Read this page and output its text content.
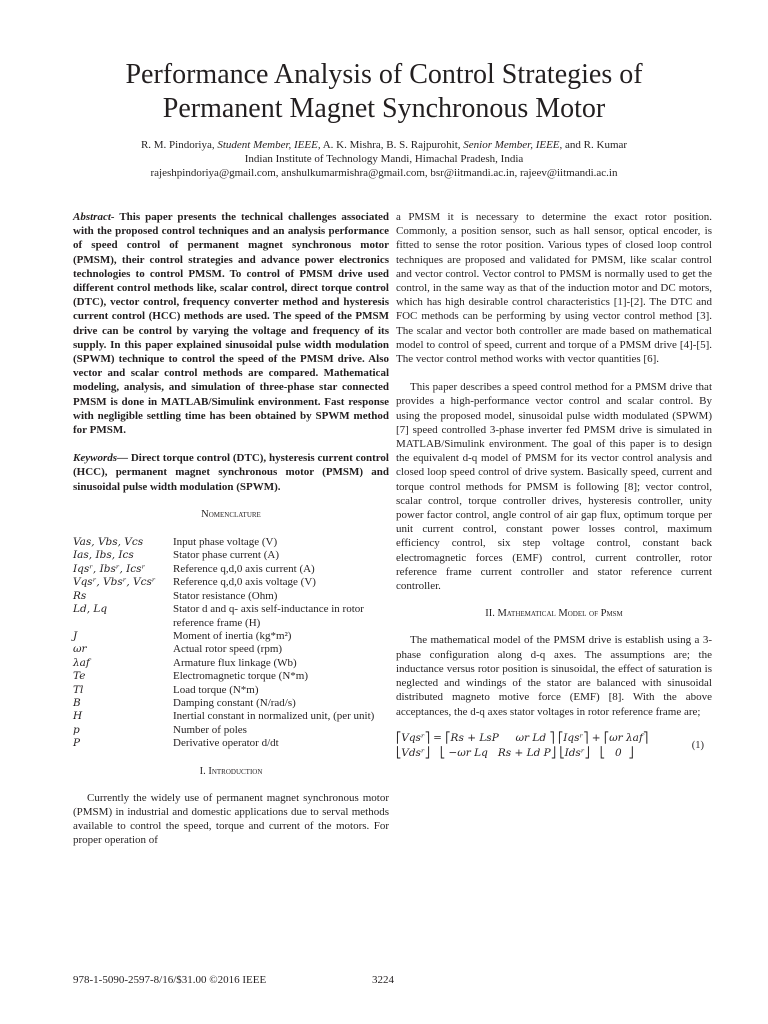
Performance Analysis of Control Strategies of
Permanent Magnet Synchronous Motor
R. M. Pindoriya, Student Member, IEEE, A. K. Mishra, B. S. Rajpurohit, Senior Member, IEEE, and R. Kumar
Indian Institute of Technology Mandi, Himachal Pradesh, India
rajeshpindoriya@gmail.com, anshulkumarmishra@gmail.com, bsr@iitmandi.ac.in, rajeev@iitmandi.ac.in

Abstract- This paper presents the technical challenges associated with the proposed control techniques and an analysis performance of speed control of permanent magnet synchronous motor (PMSM), their control strategies and advance power electronics technologies to control PMSM. To control of PMSM drive used different control methods like, scalar control, direct torque control (DTC), vector control, frequency converter method and hysteresis current control (HCC) methods are used. The speed of the PMSM drive can be control by varying the voltage and frequency of its supply. In this paper explained sinusoidal pulse width modulation (SPWM) technique to control the speed of the PMSM drive. Also vector and scalar control methods are compared. Mathematical modeling, analysis, and simulation of three-phase star connected PMSM is done in MATLAB/Simulink environment. Fast response with negligible settling time has been obtained by SPWM method for PMSM.

Keywords— Direct torque control (DTC), hysteresis current control (HCC), permanent magnet synchronous motor (PMSM) and sinusoidal pulse width modulation (SPWM).

Nomenclature

Vas, Vbs, Vcs	Input phase voltage (V)
Ias, Ibs, Ics	Stator phase current (A)
Iqsʳ, Ibsʳ, Icsʳ	Reference q,d,0 axis current (A)
Vqsʳ, Vbsʳ, Vcsʳ	Reference q,d,0 axis voltage (V)
Rs	Stator resistance (Ohm)
Ld, Lq	Stator d and q- axis self-inductance in rotor reference frame (H)
J	Moment of inertia (kg*m²)
ωr	Actual rotor speed (rpm)
λaf	Armature flux linkage (Wb)
Te	Electromagnetic torque (N*m)
Tl	Load torque (N*m)
B	Damping constant (N/rad/s)
H	Inertial constant in normalized unit, (per unit)
p	Number of poles
P	Derivative operator d/dt

I. Introduction

Currently the widely use of permanent magnet synchronous motor (PMSM) in industrial and domestic applications due to serval methods available to control the speed, torque and current of the motors. For proper operation of

a PMSM it is necessary to determine the exact rotor position. Commonly, a position sensor, such as hall sensor, optical encoder, is fitted to sense the rotor position. Various types of closed loop control techniques are proposed and validated for PMSM, like scalar control and vector control. Vector control to PMSM is normally used to get the control, in the same way as that of the induction motor and DC motors, which has high desirable control characteristics [1]-[2]. The DTC and FOC methods can be performing by using vector control method [3]. The scalar and vector both controller are made based on mathematical model to control of speed, current and torque of a PMSM drive [4]-[5]. The vector control method works with vector quantities [6].

This paper describes a speed control method for a PMSM drive that provides a high-performance vector control and scalar control. By using the proposed model, sinusoidal pulse width modulated (SPWM) [7] speed controlled 3-phase inverter fed PMSM drive is simulated in MATLAB/Simulink environment. The goal of this paper is to design the equivalent d-q model of PMSM for its vector control analysis and closed loop speed control of drive system. Basically speed, current and torque control methods for PMSM is following [8]; vector control, scalar control, torque controller drives, hysteresis controller, unity power factor control, angle control of air gap flux, optimum torque per unit current control, constant power losses control, maximum efficiency control, six step voltage control, constant back electromagnetic forces (EMF) control, current controller, rotor reference frame current controller and stator reference current controller.

II. Mathematical Model of Pmsm

The mathematical model of the PMSM drive is establish using a 3-phase configuration along d-q axes. The assumptions are; the inductance versus rotor position is sinusoidal, the effect of saturation is neglected and windings of the stator are balanced with sinusoidal distributed magneto motive force (EMF) [8]. With the above acceptances, the d-q axes stator voltages in rotor reference frame are;

⎡Vqsʳ⎤ = ⎡Rs + LsP     ωr Ld ⎤ ⎡Iqsʳ⎤ + ⎡ωr λaf⎤
⎣Vdsʳ⎦   ⎣ −ωr Lq   Rs + Ld P⎦ ⎣Idsʳ⎦   ⎣   0  ⎦
(1)
978-1-5090-2597-8/16/$31.00 ©2016 IEEE	3224
